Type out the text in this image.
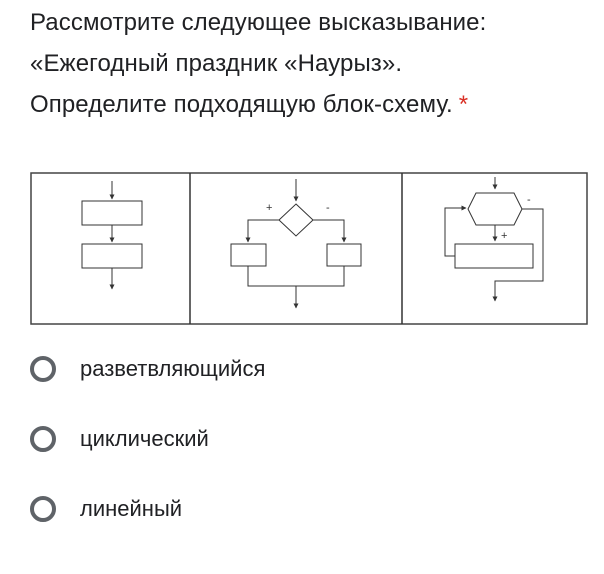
Рассмотрите следующее высказывание:
«Ежегодный праздник «Наурыз».
Определите подходящую блок-схему. *
+	-
+
-
разветвляющийся
циклический
линейный
